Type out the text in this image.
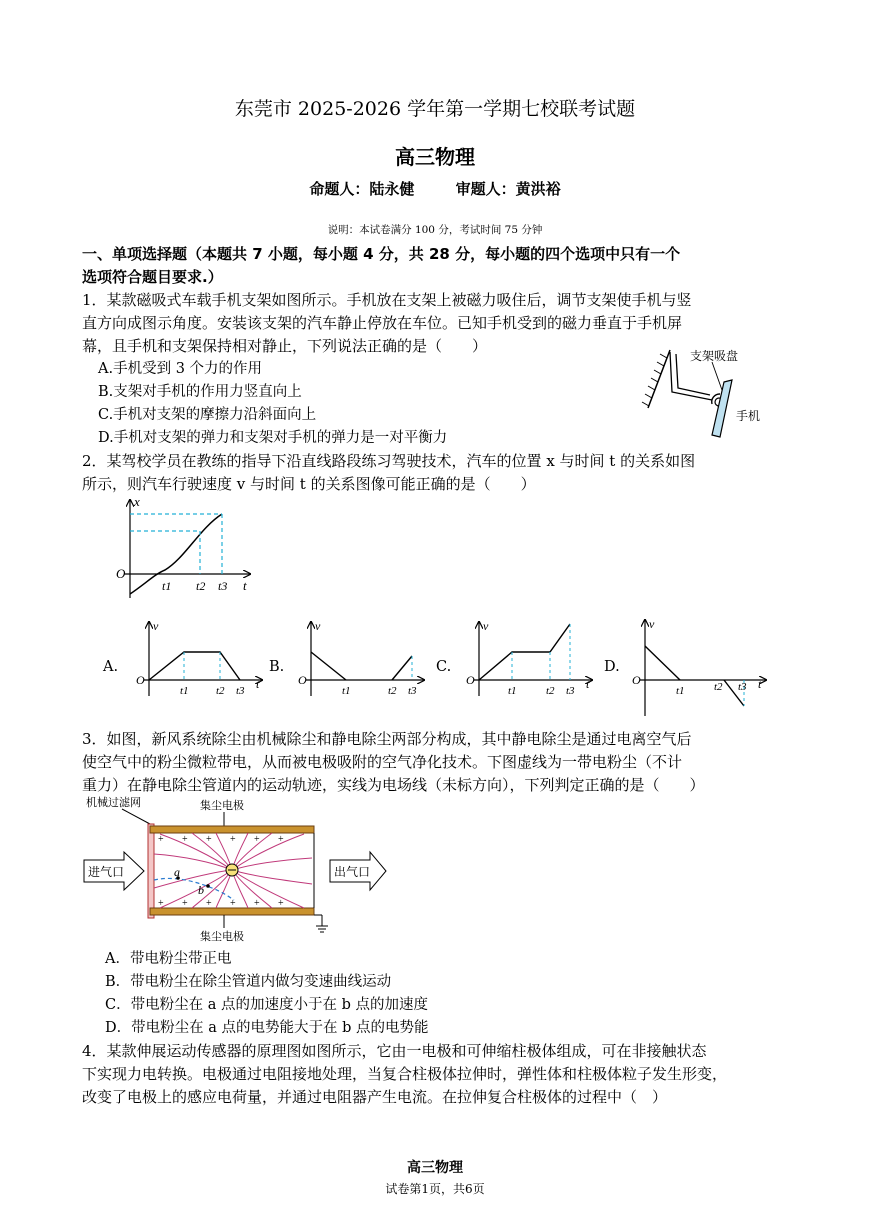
东莞市 2025-2026 学年第一学期七校联考试题
高三物理
命题人：陆永健	审题人：黄洪裕
说明：本试卷满分 100 分，考试时间 75 分钟
一、单项选择题（本题共 7 小题，每小题 4 分，共 28 分，每小题的四个选项中只有一个
选项符合题目要求.）
1．某款磁吸式车载手机支架如图所示。手机放在支架上被磁力吸住后，调节支架使手机与竖
直方向成图示角度。安装该支架的汽车静止停放在车位。已知手机受到的磁力垂直于手机屏
幕，且手机和支架保持相对静止，下列说法正确的是（　　）
A.手机受到 3 个力的作用
B.支架对手机的作用力竖直向上
C.手机对支架的摩擦力沿斜面向上
D.手机对支架的弹力和支架对手机的弹力是一对平衡力
支架吸盘
手机
2．某驾校学员在教练的指导下沿直线路段练习驾驶技术，汽车的位置 x 与时间 t 的关系如图
所示，则汽车行驶速度 v 与时间 t 的关系图像可能正确的是（　　）
x
t
O
t1 t2 t3
A.
v
O	t
t1 t2 t3
B.
v
O
t1	t2 t3
C.
v
O	t
t1	t2 t3
D.
v
O	t
t1	t2 t3
3．如图，新风系统除尘由机械除尘和静电除尘两部分构成，其中静电除尘是通过电离空气后
使空气中的粉尘微粒带电，从而被电极吸附的空气净化技术。下图虚线为一带电粉尘（不计
重力）在静电除尘管道内的运动轨迹，实线为电场线（未标方向），下列判定正确的是（　　）
机械过滤网	集尘电极
+ + + + + +
+ + + + + +
a
b
进气口	出气口
集尘电极
A．带电粉尘带正电
B．带电粉尘在除尘管道内做匀变速曲线运动
C．带电粉尘在 a 点的加速度小于在 b 点的加速度
D．带电粉尘在 a 点的电势能大于在 b 点的电势能
4．某款伸展运动传感器的原理图如图所示，它由一电极和可伸缩柱极体组成，可在非接触状态
下实现力电转换。电极通过电阻接地处理，当复合柱极体拉伸时，弹性体和柱极体粒子发生形变，
改变了电极上的感应电荷量，并通过电阻器产生电流。在拉伸复合柱极体的过程中（　）
高三物理
试卷第1页，共6页
